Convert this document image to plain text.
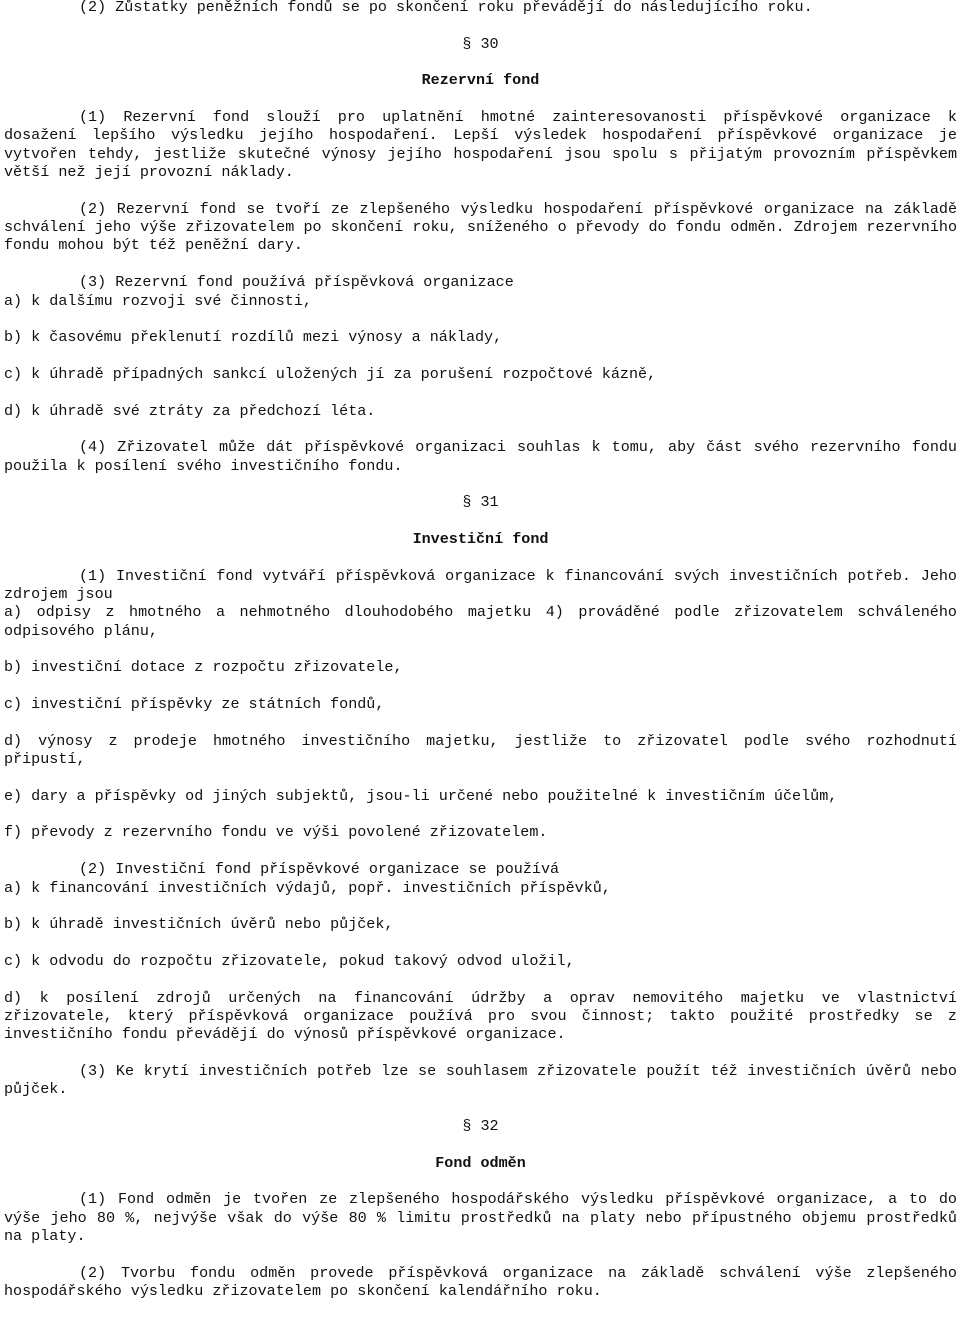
(2) Zůstatky peněžních fondů se po skončení roku převádějí do následujícího roku.

§ 30
Rezervní fond

(1) Rezervní fond slouží pro uplatnění hmotné zainteresovanosti příspěvkové organizace k dosažení lepšího výsledku jejího hospodaření. Lepší výsledek hospodaření příspěvkové organizace je vytvořen tehdy, jestliže skutečné výnosy jejího hospodaření jsou spolu s přijatým provozním příspěvkem větší než její provozní náklady.

(2) Rezervní fond se tvoří ze zlepšeného výsledku hospodaření příspěvkové organizace na základě schválení jeho výše zřizovatelem po skončení roku, sníženého o převody do fondu odměn. Zdrojem rezervního fondu mohou být též peněžní dary.

(3) Rezervní fond používá příspěvková organizace

a) k dalšímu rozvoji své činnosti,

b) k časovému překlenutí rozdílů mezi výnosy a náklady,

c) k úhradě případných sankcí uložených jí za porušení rozpočtové kázně,

d) k úhradě své ztráty za předchozí léta.

(4) Zřizovatel může dát příspěvkové organizaci souhlas k tomu, aby část svého rezervního fondu použila k posílení svého investičního fondu.

§ 31
Investiční fond

(1) Investiční fond vytváří příspěvková organizace k financování svých investičních potřeb. Jeho zdrojem jsou

a) odpisy z hmotného a nehmotného dlouhodobého majetku 4) prováděné podle zřizovatelem schváleného odpisového plánu,

b) investiční dotace z rozpočtu zřizovatele,

c) investiční příspěvky ze státních fondů,

d) výnosy z prodeje hmotného investičního majetku, jestliže to zřizovatel podle svého rozhodnutí připustí,

e) dary a příspěvky od jiných subjektů, jsou-li určené nebo použitelné k investičním účelům,

f) převody z rezervního fondu ve výši povolené zřizovatelem.

(2) Investiční fond příspěvkové organizace se používá

a) k financování investičních výdajů, popř. investičních příspěvků,

b) k úhradě investičních úvěrů nebo půjček,

c) k odvodu do rozpočtu zřizovatele, pokud takový odvod uložil,

d) k posílení zdrojů určených na financování údržby a oprav nemovitého majetku ve vlastnictví zřizovatele, který příspěvková organizace používá pro svou činnost; takto použité prostředky se z investičního fondu převádějí do výnosů příspěvkové organizace.

(3) Ke krytí investičních potřeb lze se souhlasem zřizovatele použít též investičních úvěrů nebo půjček.

§ 32
Fond odměn

(1) Fond odměn je tvořen ze zlepšeného hospodářského výsledku příspěvkové organizace, a to do výše jeho 80 %, nejvýše však do výše 80 % limitu prostředků na platy nebo přípustného objemu prostředků na platy.

(2) Tvorbu fondu odměn provede příspěvková organizace na základě schválení výše zlepšeného hospodářského výsledku zřizovatelem po skončení kalendářního roku.
